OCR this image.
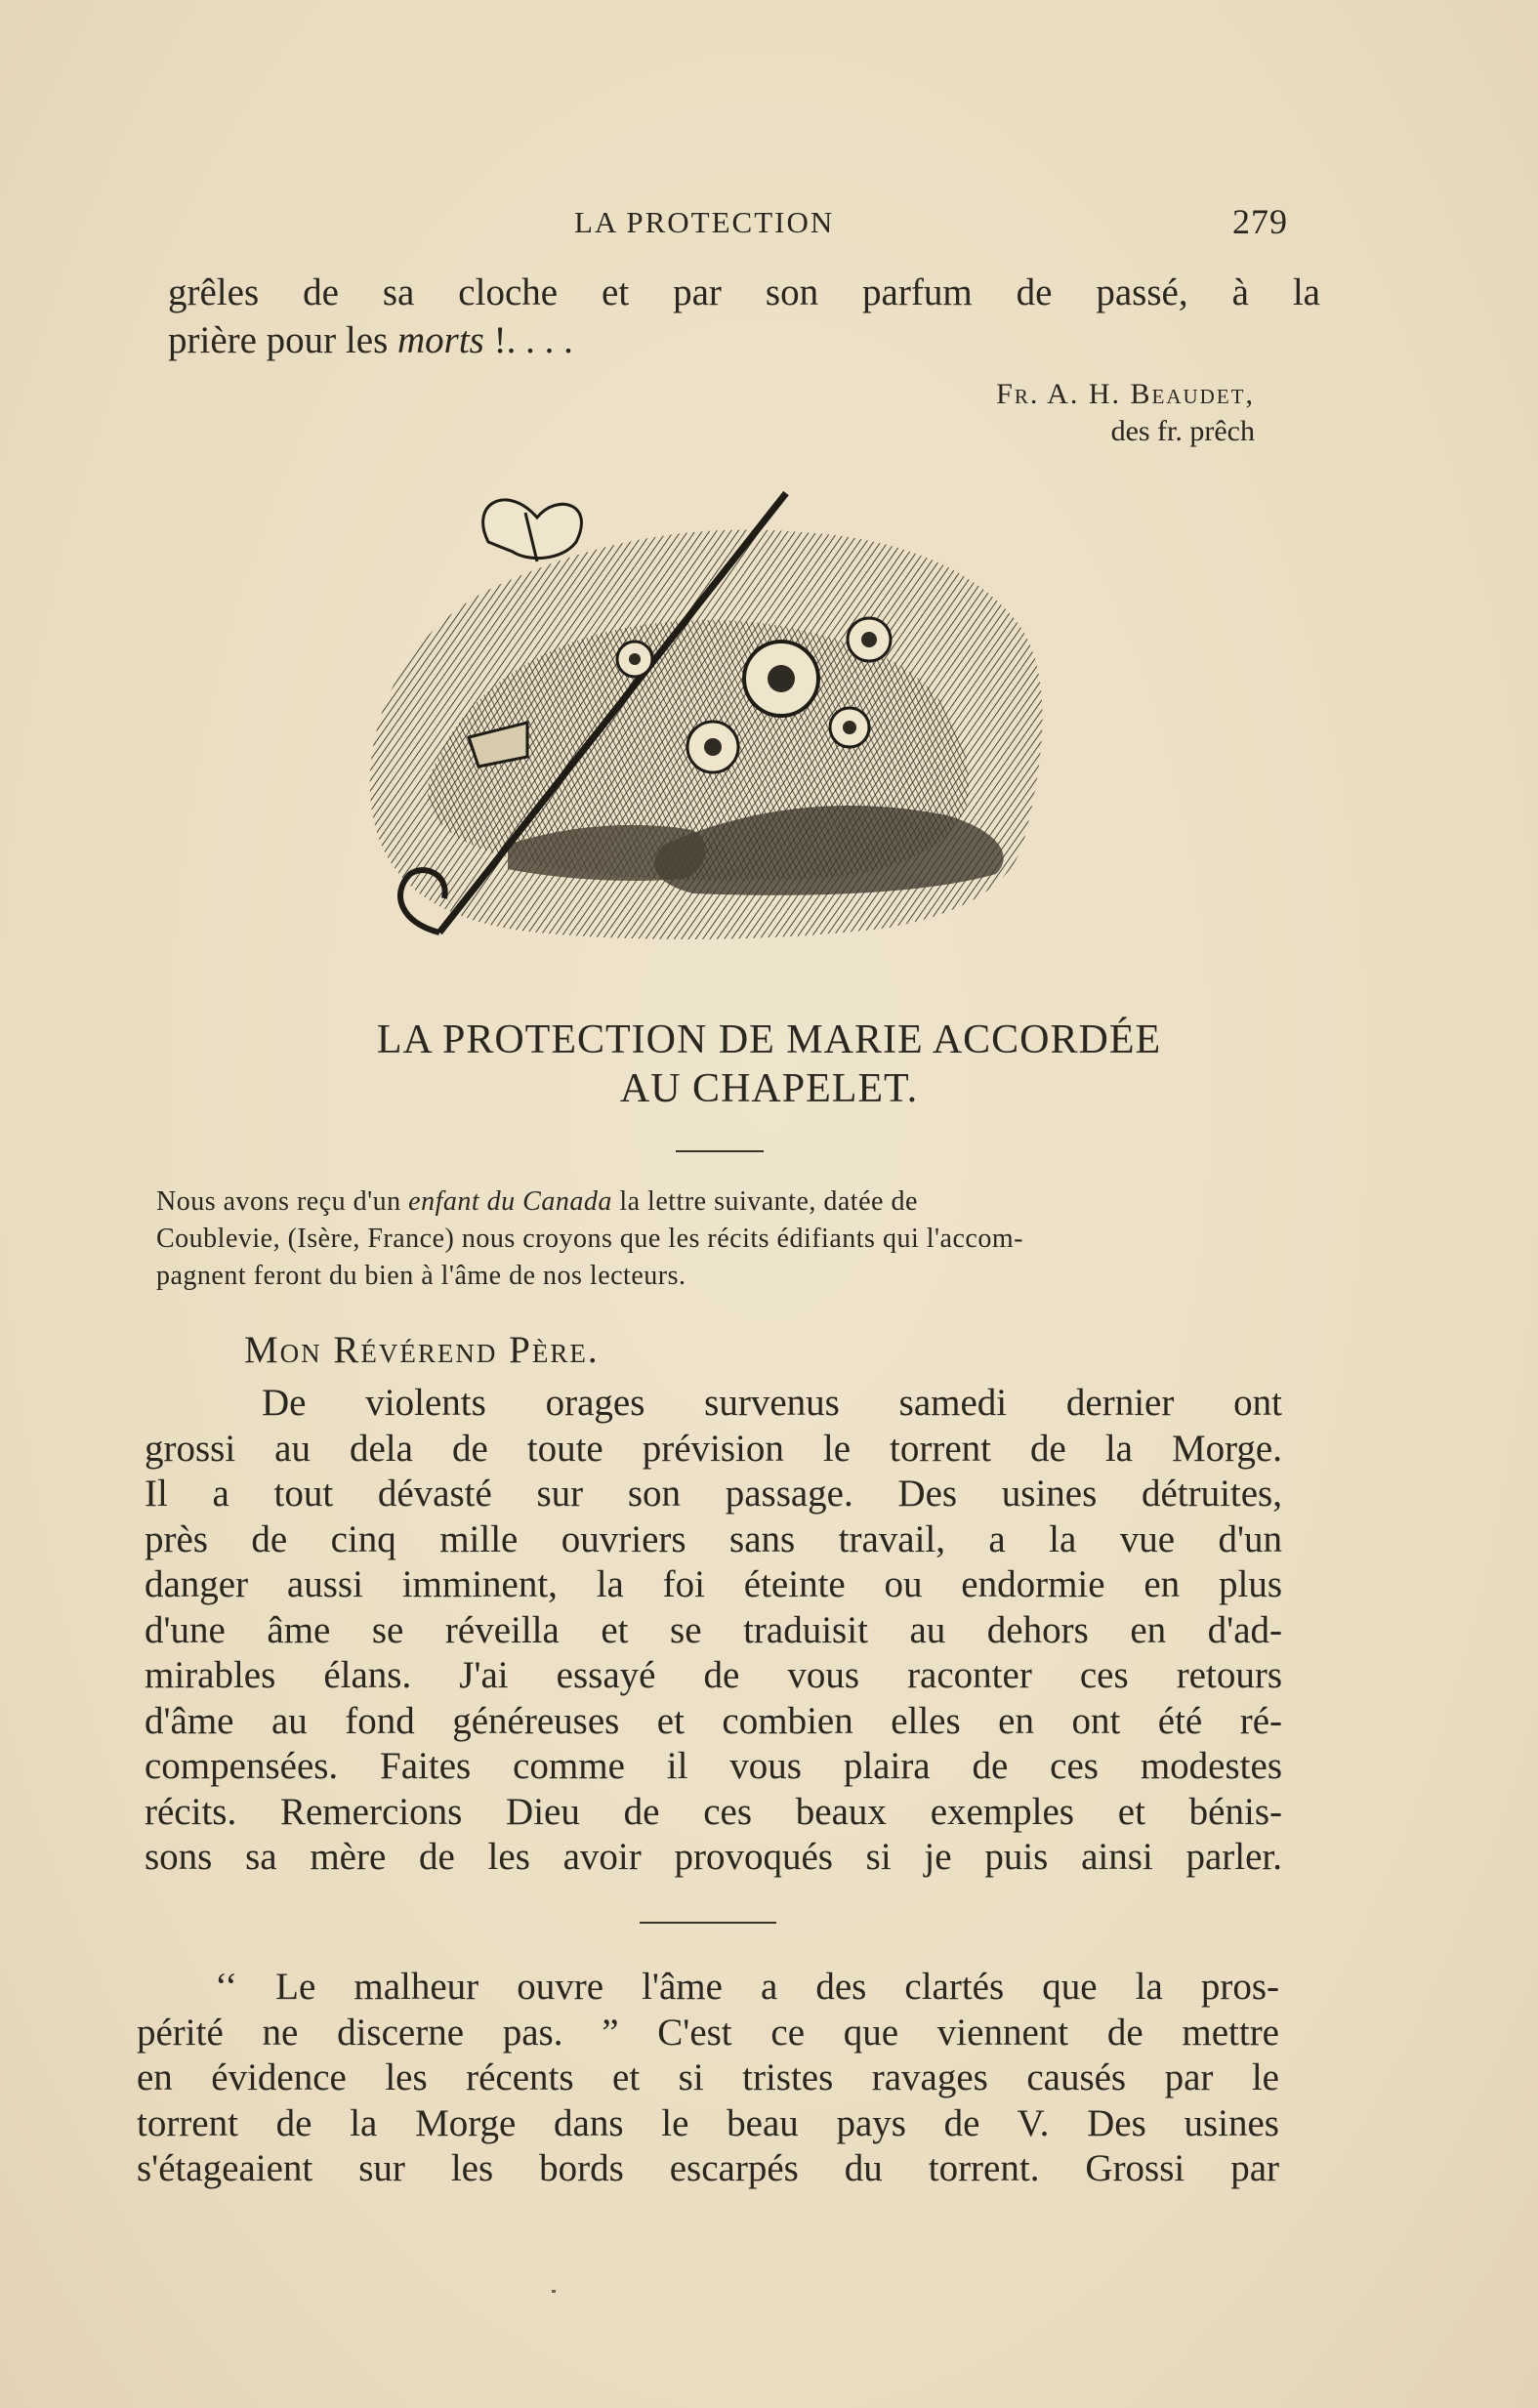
LA PROTECTION	279
grêles de sa cloche et par son parfum de passé, à la
prière pour les morts !. . . .
Fr. A. H. Beaudet,
des fr. prêch
LA PROTECTION DE MARIE ACCORDÉE
AU CHAPELET.
Nous avons reçu d'un enfant du Canada la lettre suivante, datée de
Coublevie, (Isère, France) nous croyons que les récits édifiants qui l'accom-
pagnent feront du bien à l'âme de nos lecteurs.
Mon Révérend Père.
De violents orages survenus samedi dernier ont
grossi au dela de toute prévision le torrent de la Morge.
Il a tout dévasté sur son passage. Des usines détruites,
près de cinq mille ouvriers sans travail, a la vue d'un
danger aussi imminent, la foi éteinte ou endormie en plus
d'une âme se réveilla et se traduisit au dehors en d'ad-
mirables élans. J'ai essayé de vous raconter ces retours
d'âme au fond généreuses et combien elles en ont été ré-
compensées. Faites comme il vous plaira de ces modestes
récits. Remercions Dieu de ces beaux exemples et bénis-
sons sa mère de les avoir provoqués si je puis ainsi parler.
‘‘ Le malheur ouvre l'âme a des clartés que la pros-
périté ne discerne pas. ” C'est ce que viennent de mettre
en évidence les récents et si tristes ravages causés par le
torrent de la Morge dans le beau pays de V. Des usines
s'étageaient sur les bords escarpés du torrent. Grossi par
